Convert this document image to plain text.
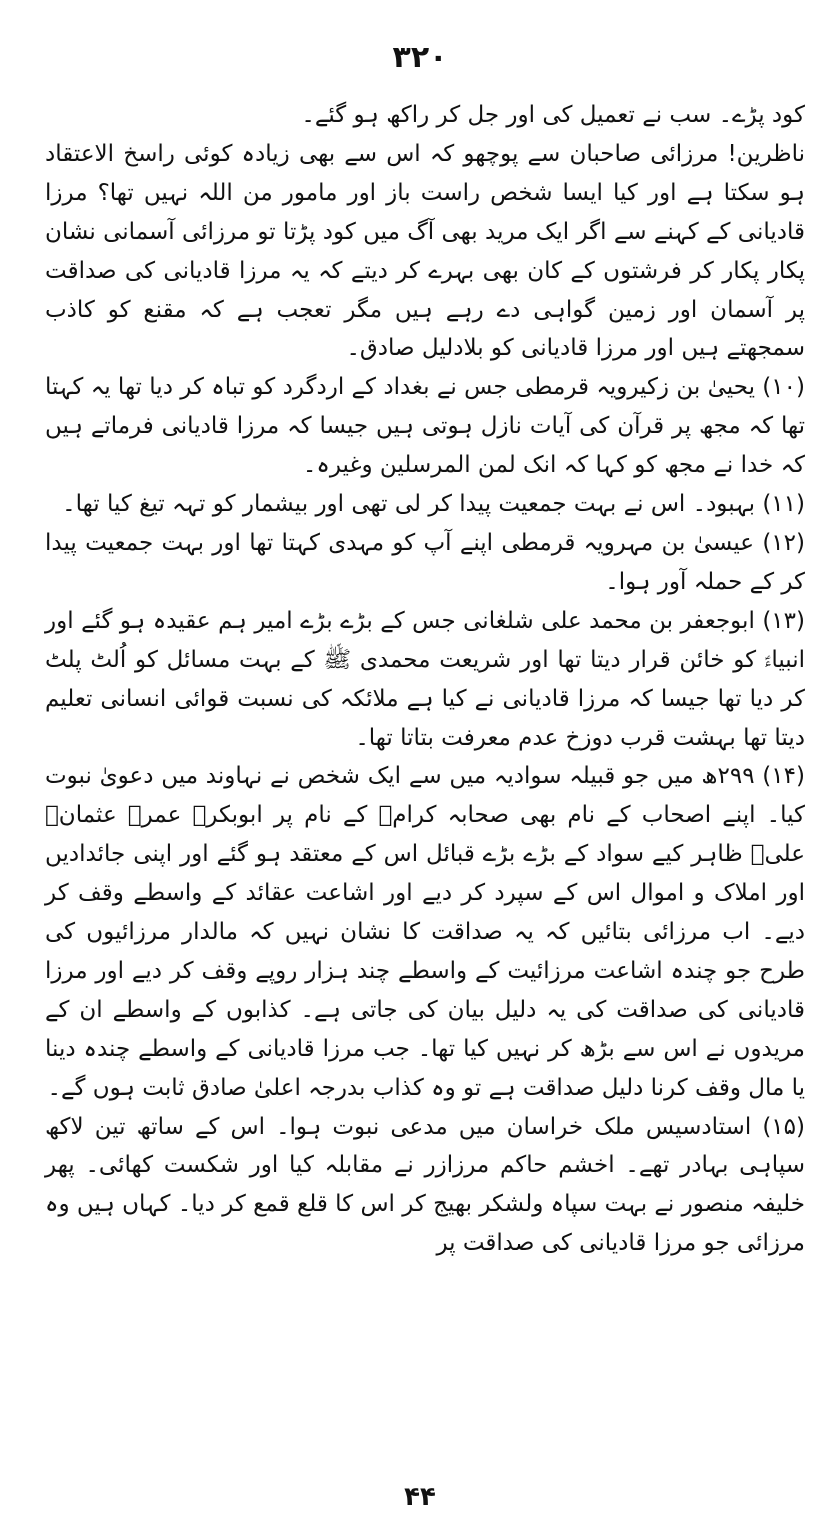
۳۲۰

کود پڑے۔ سب نے تعمیل کی اور جل کر راکھ ہو گئے۔

ناظرین! مرزائی صاحبان سے پوچھو کہ اس سے بھی زیادہ کوئی راسخ الاعتقاد ہو سکتا ہے اور کیا ایسا شخص راست باز اور مامور من اللہ نہیں تھا؟ مرزا قادیانی کے کہنے سے اگر ایک مرید بھی آگ میں کود پڑتا تو مرزائی آسمانی نشان پکار پکار کر فرشتوں کے کان بھی بہرے کر دیتے کہ یہ مرزا قادیانی کی صداقت پر آسمان اور زمین گواہی دے رہے ہیں مگر تعجب ہے کہ مقنع کو کاذب سمجھتے ہیں اور مرزا قادیانی کو بلادلیل صادق۔

(۱۰) یحییٰ بن زکیرویہ قرمطی جس نے بغداد کے اردگرد کو تباہ کر دیا تھا یہ کہتا تھا کہ مجھ پر قرآن کی آیات نازل ہوتی ہیں جیسا کہ مرزا قادیانی فرماتے ہیں کہ خدا نے مجھ کو کہا کہ انک لمن المرسلین وغیرہ۔

(۱۱) بہبود۔ اس نے بہت جمعیت پیدا کر لی تھی اور بیشمار کو تہہ تیغ کیا تھا۔

(۱۲) عیسیٰ بن مہرویہ قرمطی اپنے آپ کو مہدی کہتا تھا اور بہت جمعیت پیدا کر کے حملہ آور ہوا۔

(۱۳) ابوجعفر بن محمد علی شلغانی جس کے بڑے بڑے امیر ہم عقیدہ ہو گئے اور انبیاءؑ کو خائن قرار دیتا تھا اور شریعت محمدی ﷺ کے بہت مسائل کو اُلٹ پلٹ کر دیا تھا جیسا کہ مرزا قادیانی نے کیا ہے ملائکہ کی نسبت قوائی انسانی تعلیم دیتا تھا بہشت قرب دوزخ عدم معرفت بتاتا تھا۔

(۱۴) ۲۹۹ھ میں جو قبیلہ سوادیہ میں سے ایک شخص نے نہاوند میں دعویٰ نبوت کیا۔ اپنے اصحاب کے نام بھی صحابہ کرامؓ کے نام پر ابوبکرؓ عمرؓ عثمانؓ علیؓ ظاہر کیے سواد کے بڑے بڑے قبائل اس کے معتقد ہو گئے اور اپنی جائدادیں اور املاک و اموال اس کے سپرد کر دیے اور اشاعت عقائد کے واسطے وقف کر دیے۔ اب مرزائی بتائیں کہ یہ صداقت کا نشان نہیں کہ مالدار مرزائیوں کی طرح جو چندہ اشاعت مرزائیت کے واسطے چند ہزار روپے وقف کر دیے اور مرزا قادیانی کی صداقت کی یہ دلیل بیان کی جاتی ہے۔ کذابوں کے واسطے ان کے مریدوں نے اس سے بڑھ کر نہیں کیا تھا۔ جب مرزا قادیانی کے واسطے چندہ دینا یا مال وقف کرنا دلیل صداقت ہے تو وہ کذاب بدرجہ اعلیٰ صادق ثابت ہوں گے۔

(۱۵) استادسیس ملک خراسان میں مدعی نبوت ہوا۔ اس کے ساتھ تین لاکھ سپاہی بہادر تھے۔ اخشم حاکم مرزازر نے مقابلہ کیا اور شکست کھائی۔ پھر خلیفہ منصور نے بہت سپاہ ولشکر بھیج کر اس کا قلع قمع کر دیا۔ کہاں ہیں وہ مرزائی جو مرزا قادیانی کی صداقت پر

۴۴
